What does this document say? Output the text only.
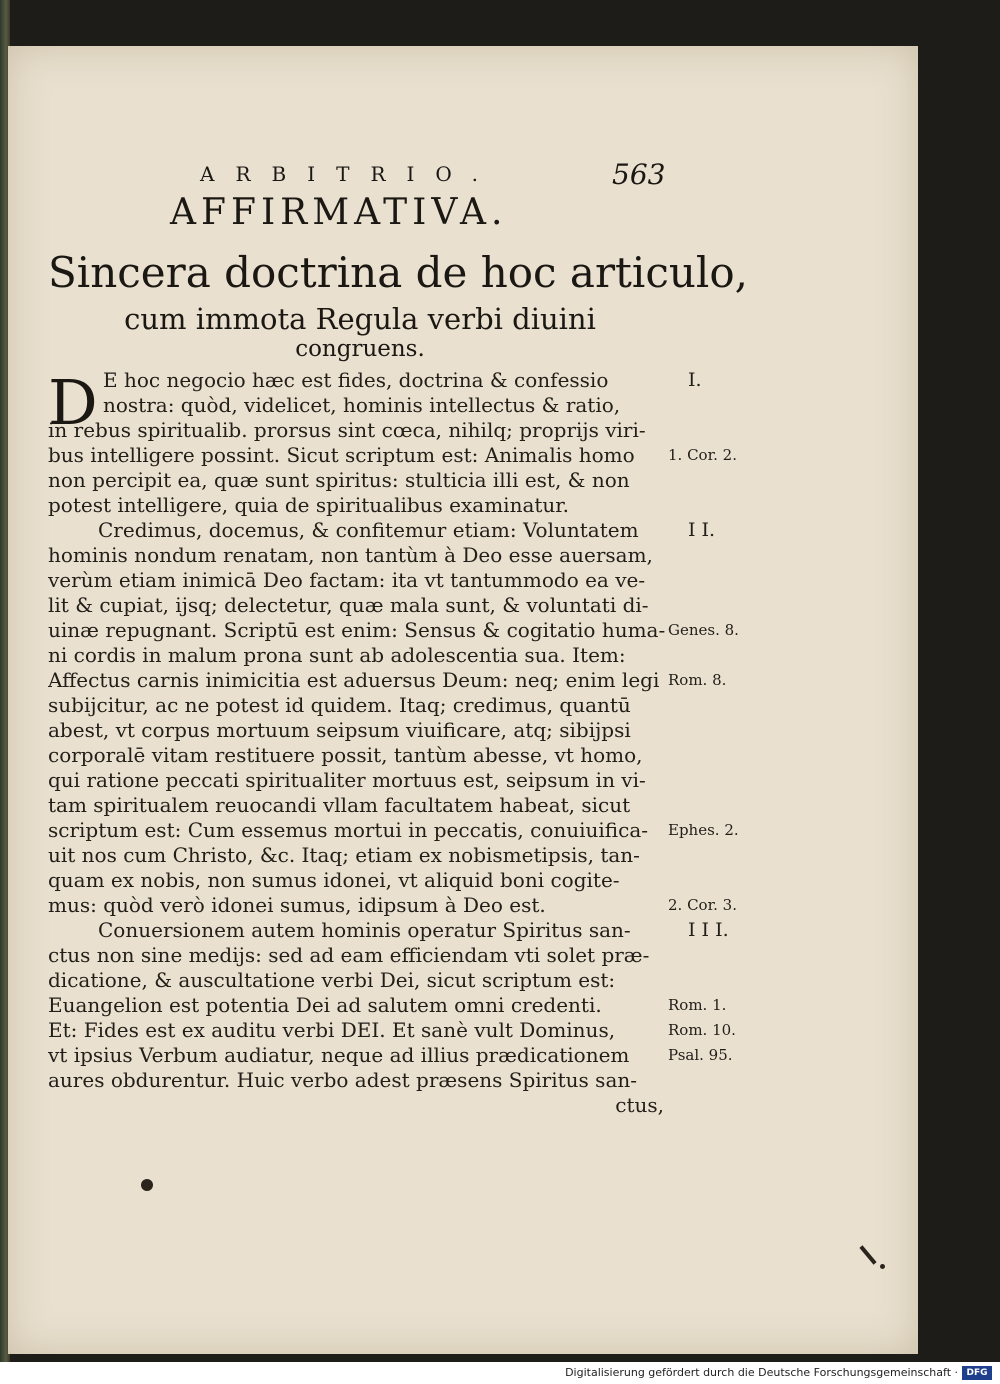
ARBITRIO.	563
AFFIRMATIVA.
Sincera doctrina de hoc articulo,
cum immota Regula verbi diuini
congruens.
D E hoc negocio hæc est fides, doctrina & confessio
nostra: quòd, videlicet, hominis intellectus & ratio,
in rebus spiritualib. prorsus sint cœca, nihilq; proprijs viri-
bus intelligere possint. Sicut scriptum est: Animalis homo
non percipit ea, quæ sunt spiritus: stulticia illi est, & non
potest intelligere, quia de spiritualibus examinatur.
Credimus, docemus, & confitemur etiam: Voluntatem
hominis nondum renatam, non tantùm à Deo esse auersam,
verùm etiam inimicā Deo factam: ita vt tantummodo ea ve-
lit & cupiat, ijsq; delectetur, quæ mala sunt, & voluntati di-
uinæ repugnant. Scriptū est enim: Sensus & cogitatio huma-
ni cordis in malum prona sunt ab adolescentia sua. Item:
Affectus carnis inimicitia est aduersus Deum: neq; enim legi
subijcitur, ac ne potest id quidem. Itaq; credimus, quantū
abest, vt corpus mortuum seipsum viuificare, atq; sibijpsi
corporalē vitam restituere possit, tantùm abesse, vt homo,
qui ratione peccati spiritualiter mortuus est, seipsum in vi-
tam spiritualem reuocandi vllam facultatem habeat, sicut
scriptum est: Cum essemus mortui in peccatis, conuiuifica-
uit nos cum Christo, &c. Itaq; etiam ex nobismetipsis, tan-
quam ex nobis, non sumus idonei, vt aliquid boni cogite-
mus: quòd verò idonei sumus, idipsum à Deo est.
Conuersionem autem hominis operatur Spiritus san-
ctus non sine medijs: sed ad eam efficiendam vti solet præ-
dicatione, & auscultatione verbi Dei, sicut scriptum est:
Euangelion est potentia Dei ad salutem omni credenti.
Et: Fides est ex auditu verbi DEI. Et sanè vult Dominus,
vt ipsius Verbum audiatur, neque ad illius prædicationem
aures obdurentur. Huic verbo adest præsens Spiritus san-
ctus,
I.
1. Cor. 2.
I I.
Genes. 8.
Rom. 8.
Ephes. 2.
2. Cor. 3.
I I I.
Rom. 1.
Rom. 10.
Psal. 95.
Digitalisierung gefördert durch die Deutsche Forschungsgemeinschaft · DFG
